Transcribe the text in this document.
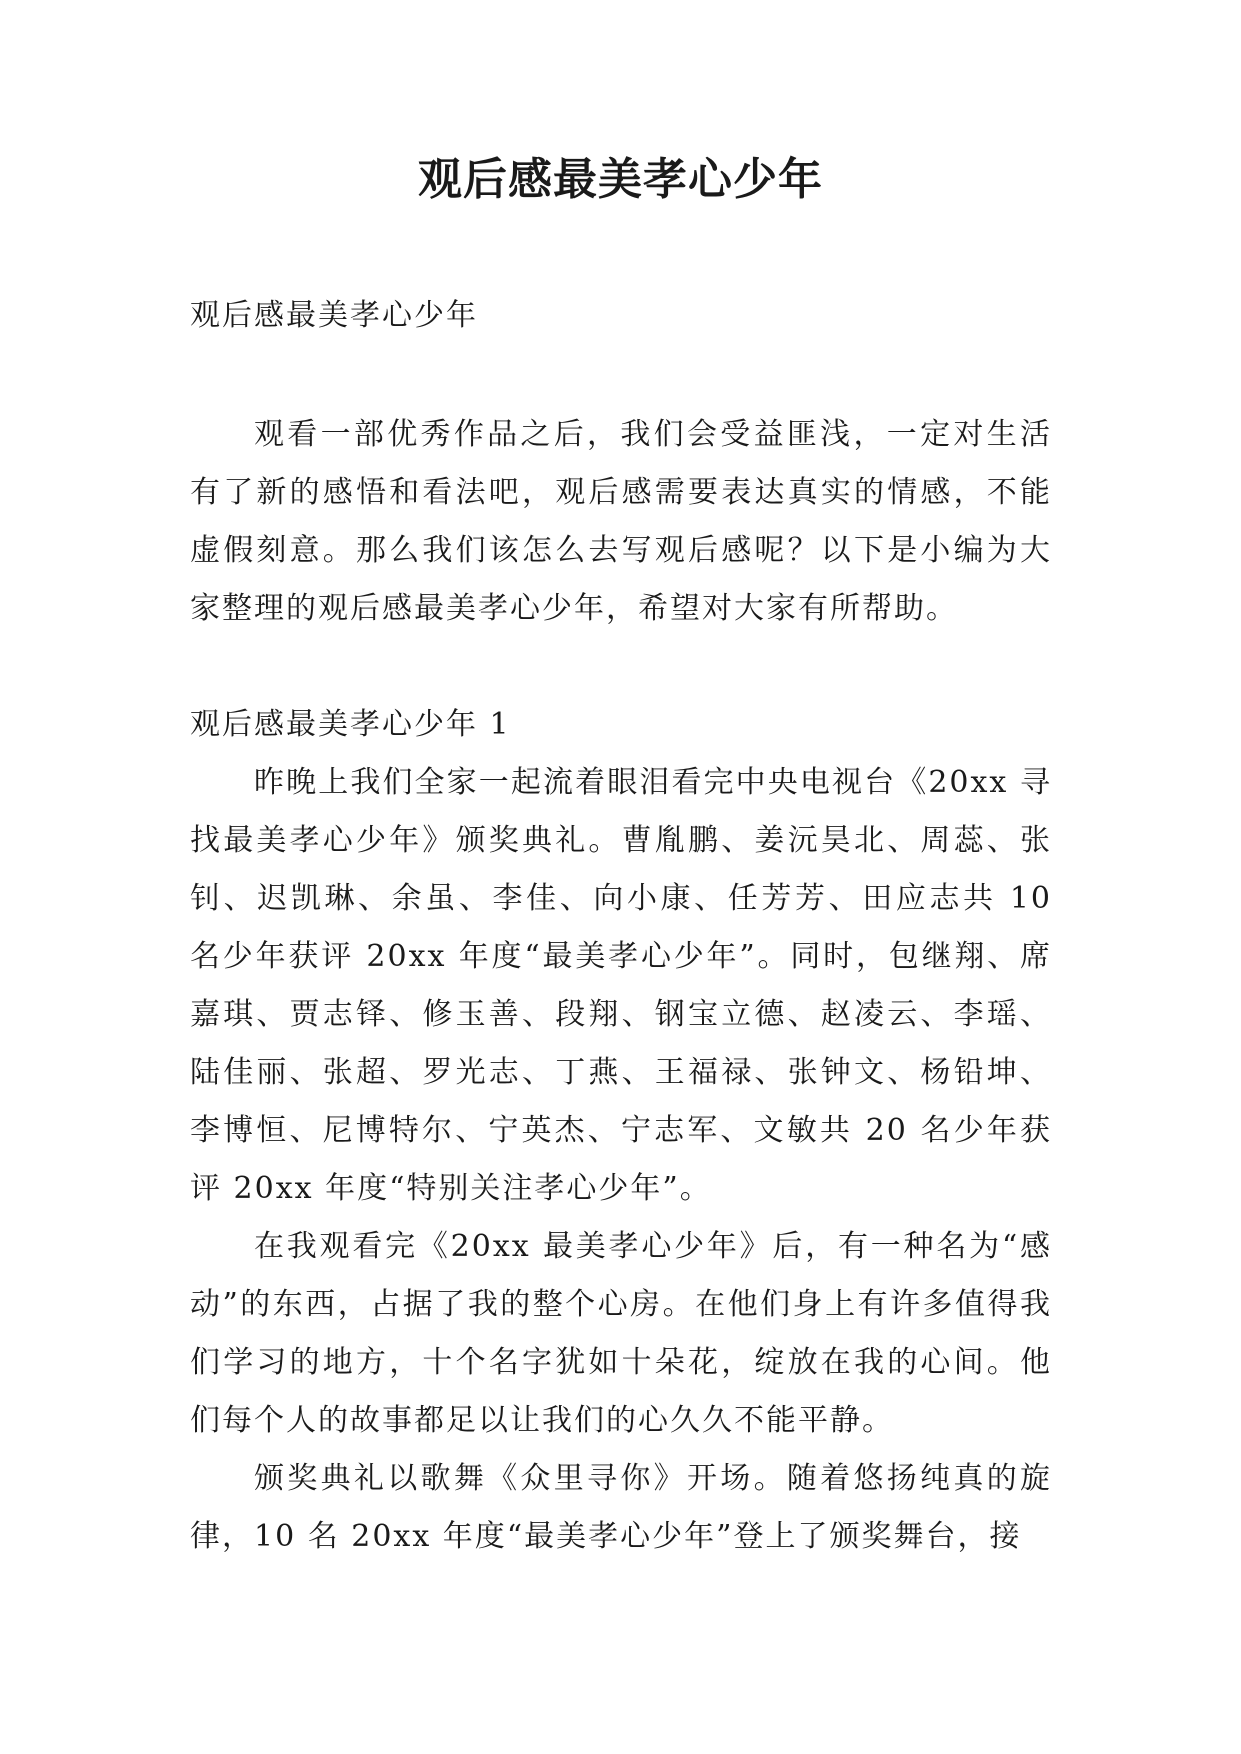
观后感最美孝心少年

观后感最美孝心少年

观看一部优秀作品之后，我们会受益匪浅，一定对生活有了新的感悟和看法吧，观后感需要表达真实的情感，不能虚假刻意。那么我们该怎么去写观后感呢？以下是小编为大家整理的观后感最美孝心少年，希望对大家有所帮助。

观后感最美孝心少年 1

昨晚上我们全家一起流着眼泪看完中央电视台《20xx 寻找最美孝心少年》颁奖典礼。曹胤鹏、姜沅昊北、周蕊、张钊、迟凯琳、余虽、李佳、向小康、任芳芳、田应志共 10 名少年获评 20xx 年度“最美孝心少年”。同时，包继翔、席嘉琪、贾志铎、修玉善、段翔、钢宝立德、赵凌云、李瑶、陆佳丽、张超、罗光志、丁燕、王福禄、张钟文、杨铅坤、李博恒、尼博特尔、宁英杰、宁志军、文敏共 20 名少年获评 20xx 年度“特别关注孝心少年”。

在我观看完《20xx 最美孝心少年》后，有一种名为“感动”的东西，占据了我的整个心房。在他们身上有许多值得我们学习的地方，十个名字犹如十朵花，绽放在我的心间。他们每个人的故事都足以让我们的心久久不能平静。

颁奖典礼以歌舞《众里寻你》开场。随着悠扬纯真的旋律，10 名 20xx 年度“最美孝心少年”登上了颁奖舞台，接
